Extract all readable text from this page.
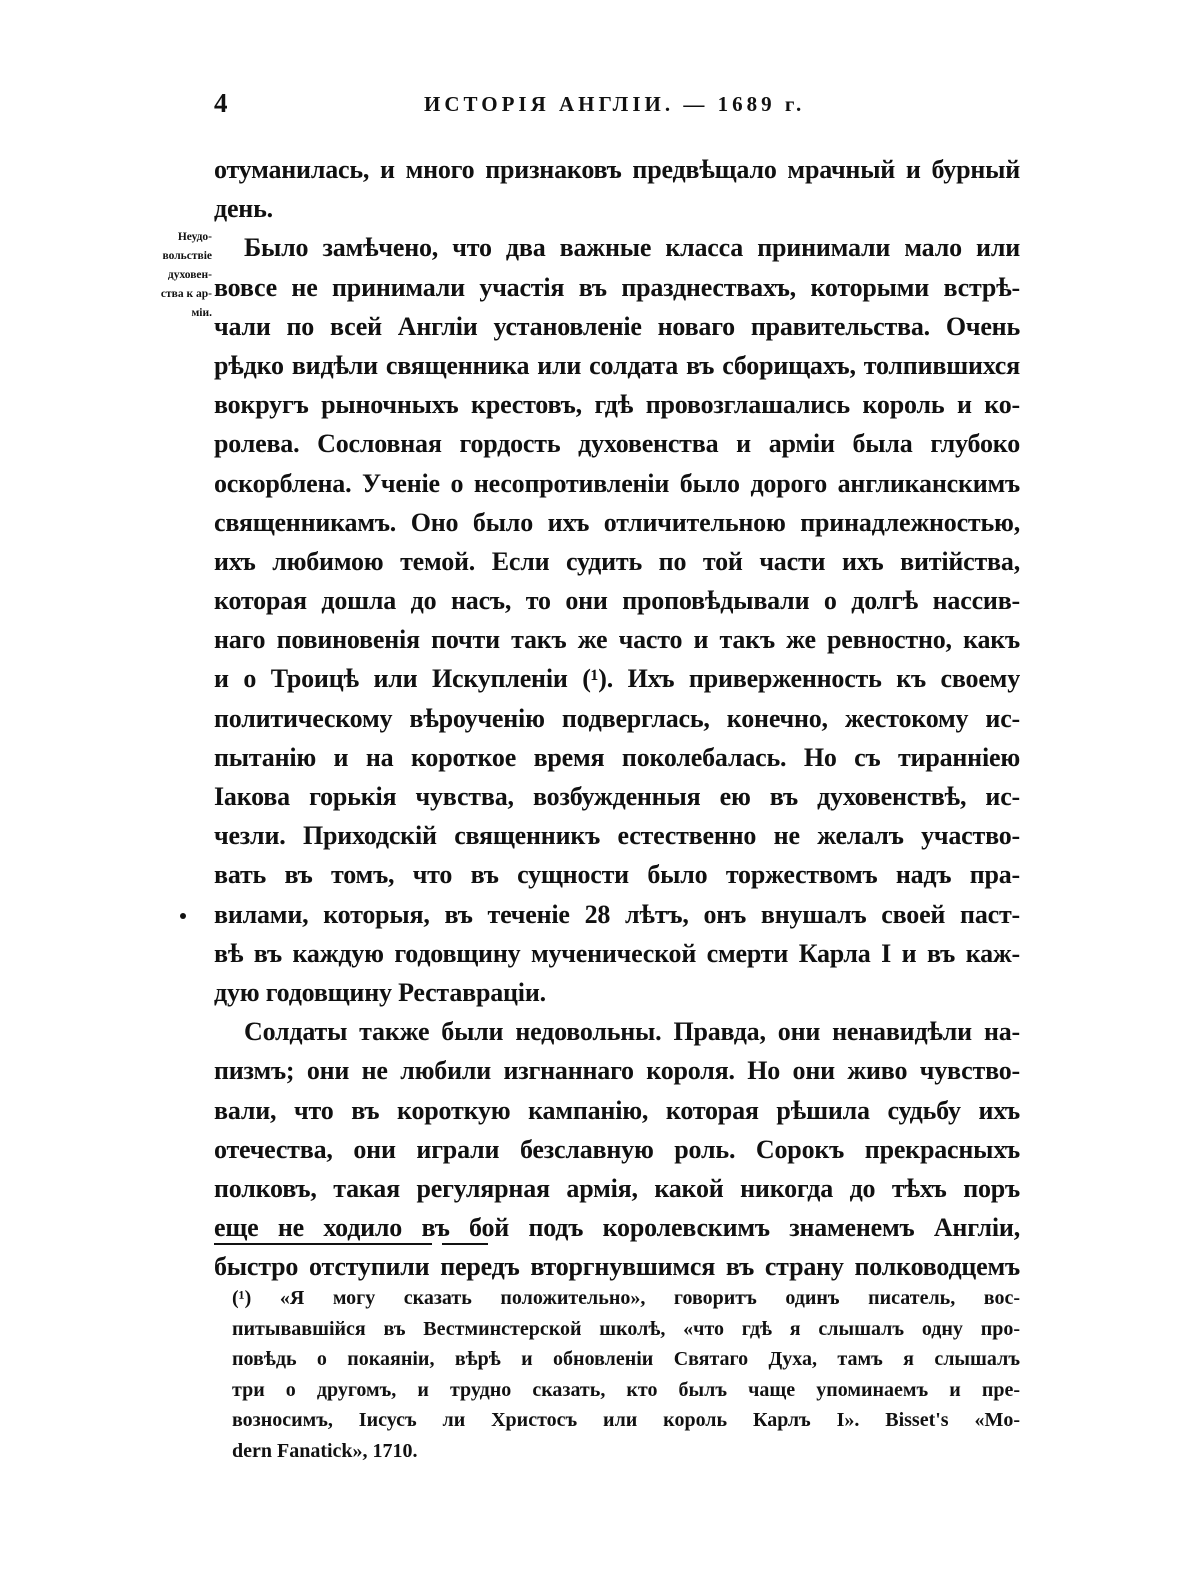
4	ИСТОРІЯ АНГЛІИ. — 1689 г.
Неудо-
вольствіе
духовен-
ства к ар-
міи.
отуманилась, и много признаковъ предвѣщало мрачный и бурный
день.
Было замѣчено, что два важные класса принимали мало или
вовсе не принимали участія въ празднествахъ, которыми встрѣ-
чали по всей Англіи установленіе новаго правительства. Очень
рѣдко видѣли священника или солдата въ сборищахъ, толпившихся
вокругъ рыночныхъ крестовъ, гдѣ провозглашались король и ко-
ролева. Сословная гордость духовенства и арміи была глубоко
оскорблена. Ученіе о несопротивленіи было дорого англиканскимъ
священникамъ. Оно было ихъ отличительною принадлежностью,
ихъ любимою темой. Если судить по той части ихъ витійства,
которая дошла до насъ, то они проповѣдывали о долгѣ нассив-
наго повиновенія почти такъ же часто и такъ же ревностно, какъ
и о Троицѣ или Искупленіи (¹). Ихъ приверженность къ своему
политическому вѣроученію подверглась, конечно, жестокому ис-
пытанію и на короткое время поколебалась. Но съ тираннiею
Іакова горькія чувства, возбужденныя ею въ духовенствѣ, ис-
чезли. Приходскій священникъ естественно не желалъ участво-
вать въ томъ, что въ сущности было торжествомъ надъ пра-
вилами, которыя, въ теченіе 28 лѣтъ, онъ внушалъ своей паст-
вѣ въ каждую годовщину мученической смерти Карла I и въ каж-
дую годовщину Реставраціи.
Солдаты также были недовольны. Правда, они ненавидѣли на-
пизмъ; они не любили изгнаннаго короля. Но они живо чувство-
вали, что въ короткую кампанію, которая рѣшила судьбу ихъ
отечества, они играли безславную роль. Сорокъ прекрасныхъ
полковъ, такая регулярная армія, какой никогда до тѣхъ поръ
еще не ходило въ бой подъ королевскимъ знаменемъ Англіи,
быстро отступили передъ вторгнувшимся въ страну полководцемъ
(¹) «Я могу сказать положительно», говоритъ одинъ писатель, вос-
питывавшійся въ Вестминстерской школѣ, «что гдѣ я слышалъ одну про-
повѣдь о покаяніи, вѣрѣ и обновленіи Святаго Духа, тамъ я слышалъ
три о другомъ, и трудно сказать, кто былъ чаще упоминаемъ и пре-
возносимъ, Іисусъ ли Христосъ или король Карлъ I». Bisset's «Mo-
dern Fanatick», 1710.
